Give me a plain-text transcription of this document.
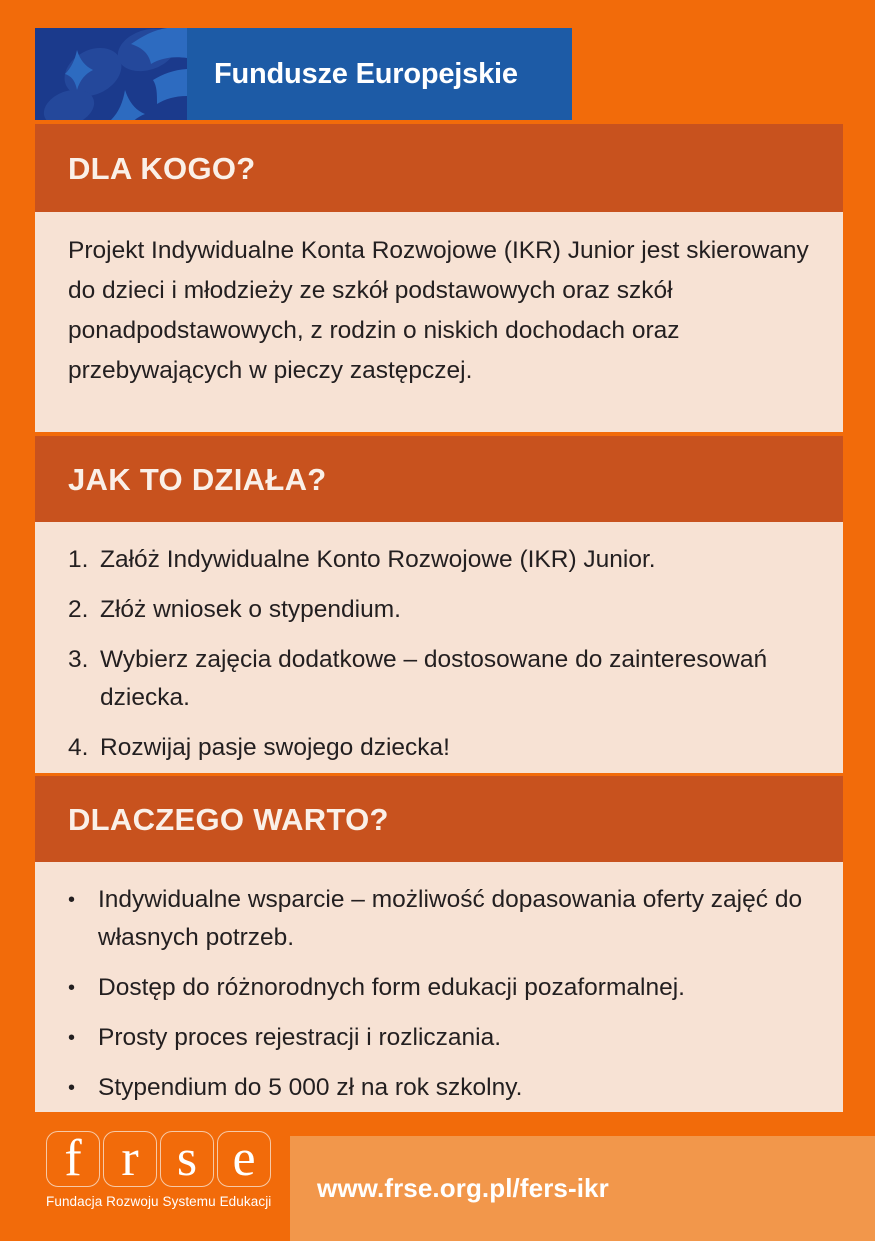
Fundusze Europejskie
DLA KOGO?

Projekt Indywidualne Konta Rozwojowe (IKR) Junior jest skierowany do dzieci i młodzieży ze szkół podstawowych oraz szkół ponadpodstawowych, z rodzin o niskich dochodach oraz przebywających w pieczy zastępczej.

JAK TO DZIAŁA?
1. Załóż Indywidualne Konto Rozwojowe (IKR) Junior.
2. Złóż wniosek o stypendium.
3. Wybierz zajęcia dodatkowe – dostosowane do zainteresowań dziecka.
4. Rozwijaj pasje swojego dziecka!
DLACZEGO WARTO?
• Indywidualne wsparcie – możliwość dopasowania oferty zajęć do własnych potrzeb.
• Dostęp do różnorodnych form edukacji pozaformalnej.
• Prosty proces rejestracji i rozliczania.
• Stypendium do 5 000 zł na rok szkolny.
www.frse.org.pl/fers-ikr
f r s e
Fundacja Rozwoju Systemu Edukacji
